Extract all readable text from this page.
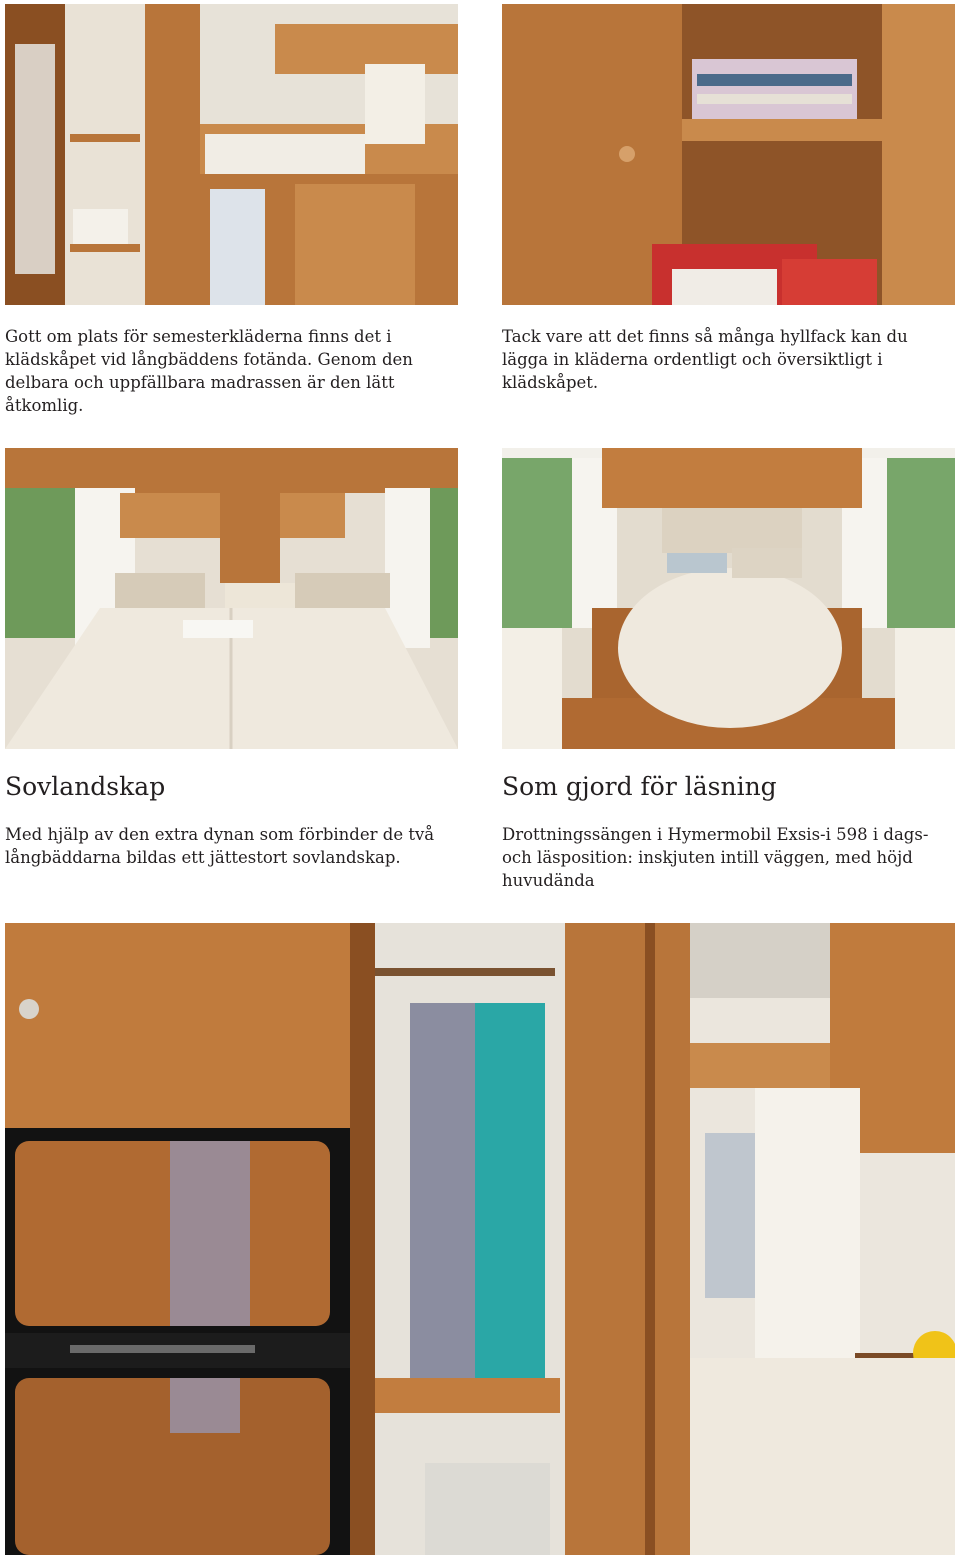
Gott om plats för semesterkläderna finns det i klädskåpet vid långbäddens fotända. Genom den delbara och uppfällbara madrassen är den lätt åtkomlig.

Tack vare att det finns så många hyllfack kan du lägga in kläderna ordentligt och översiktligt i klädskåpet.

Sovlandskap

Med hjälp av den extra dynan som förbinder de två långbäddarna bildas ett jättestort sovlandskap.

Som gjord för läsning

Drottningssängen i Hymermobil Exsis-i 598 i dags- och läsposition: inskjuten intill väggen, med höjd huvudända
